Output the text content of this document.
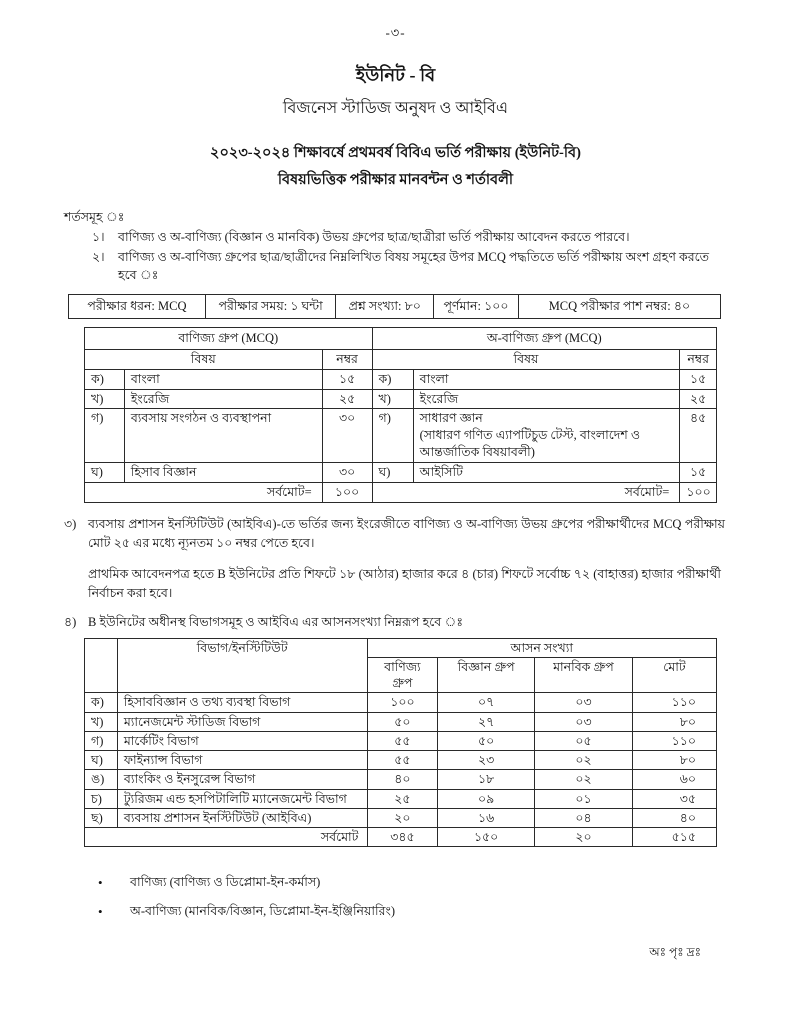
-৩-
ইউনিট - বি
বিজনেস স্টাডিজ অনুষদ ও আইবিএ
২০২৩-২০২৪ শিক্ষাবর্ষে প্রথমবর্ষ বিবিএ ভর্তি পরীক্ষায় (ইউনিট-বি)
বিষয়ভিত্তিক পরীক্ষার মানবন্টন ও শর্তাবলী
শর্তসমূহ ঃ
১।	বাণিজ্য ও অ-বাণিজ্য (বিজ্ঞান ও মানবিক) উভয় গ্রুপের ছাত্র/ছাত্রীরা ভর্তি পরীক্ষায় আবেদন করতে পারবে।
২।	বাণিজ্য ও অ-বাণিজ্য গ্রুপের ছাত্র/ছাত্রীদের নিম্নলিখিত বিষয় সমূহের উপর MCQ পদ্ধতিতে ভর্তি পরীক্ষায় অংশ গ্রহণ করতে হবে ঃ
পরীক্ষার ধরন: MCQ	পরীক্ষার সময়: ১ ঘন্টা	প্রশ্ন সংখ্যা: ৮০	পূর্ণমান: ১০০	MCQ পরীক্ষার পাশ নম্বর: ৪০
বাণিজ্য গ্রুপ (MCQ)			অ-বাণিজ্য গ্রুপ (MCQ)		
বিষয়		নম্বর	বিষয়		নম্বর
ক)	বাংলা	১৫	ক)	বাংলা	১৫
খ)	ইংরেজি	২৫	খ)	ইংরেজি	২৫
গ)	ব্যবসায় সংগঠন ও ব্যবস্থাপনা	৩০	গ)	সাধারণ জ্ঞান
(সাধারণ গণিত এ্যাপটিচুড টেস্ট, বাংলাদেশ ও আন্তর্জাতিক বিষয়াবলী)	৪৫
ঘ)	হিসাব বিজ্ঞান	৩০	ঘ)	আইসিটি	১৫
সর্বমোট=		১০০	সর্বমোট=		১০০
৩) ব্যবসায় প্রশাসন ইনস্টিটিউট (আইবিএ)-তে ভর্তির জন্য ইংরেজীতে বাণিজ্য ও অ-বাণিজ্য উভয় গ্রুপের পরীক্ষার্থীদের MCQ পরীক্ষায় মোট ২৫ এর মধ্যে ন্যূনতম ১০ নম্বর পেতে হবে।
প্রাথমিক আবেদনপত্র হতে B ইউনিটের প্রতি শিফটে ১৮ (আঠার) হাজার করে ৪ (চার) শিফটে সর্বোচ্চ ৭২ (বাহাত্তর) হাজার পরীক্ষার্থী নির্বাচন করা হবে।
৪) B ইউনিটের অধীনস্থ বিভাগসমূহ ও আইবিএ এর আসনসংখ্যা নিম্নরূপ হবে ঃ
	বিভাগ/ইনস্টিটিউট	আসন সংখ্যা			
		বাণিজ্য গ্রুপ	বিজ্ঞান গ্রুপ	মানবিক গ্রুপ	মোট
ক)	হিসাববিজ্ঞান ও তথ্য ব্যবস্থা বিভাগ	১০০	০৭	০৩	১১০
খ)	ম্যানেজমেন্ট স্টাডিজ বিভাগ	৫০	২৭	০৩	৮০
গ)	মার্কেটিং বিভাগ	৫৫	৫০	০৫	১১০
ঘ)	ফাইন্যান্স বিভাগ	৫৫	২৩	০২	৮০
ঙ)	ব্যাংকিং ও ইনসুরেন্স বিভাগ	৪০	১৮	০২	৬০
চ)	ট্যুরিজম এন্ড হসপিটালিটি ম্যানেজমেন্ট বিভাগ	২৫	০৯	০১	৩৫
ছ)	ব্যবসায় প্রশাসন ইনস্টিটিউট (আইবিএ)	২০	১৬	০৪	৪০
সর্বমোট		৩৪৫	১৫০	২০	৫১৫
•	বাণিজ্য (বাণিজ্য ও ডিপ্লোমা-ইন-কর্মাস)
•	অ-বাণিজ্য (মানবিক/বিজ্ঞান, ডিপ্লোমা-ইন-ইঞ্জিনিয়ারিং)
অঃ পৃঃ দ্রঃ
